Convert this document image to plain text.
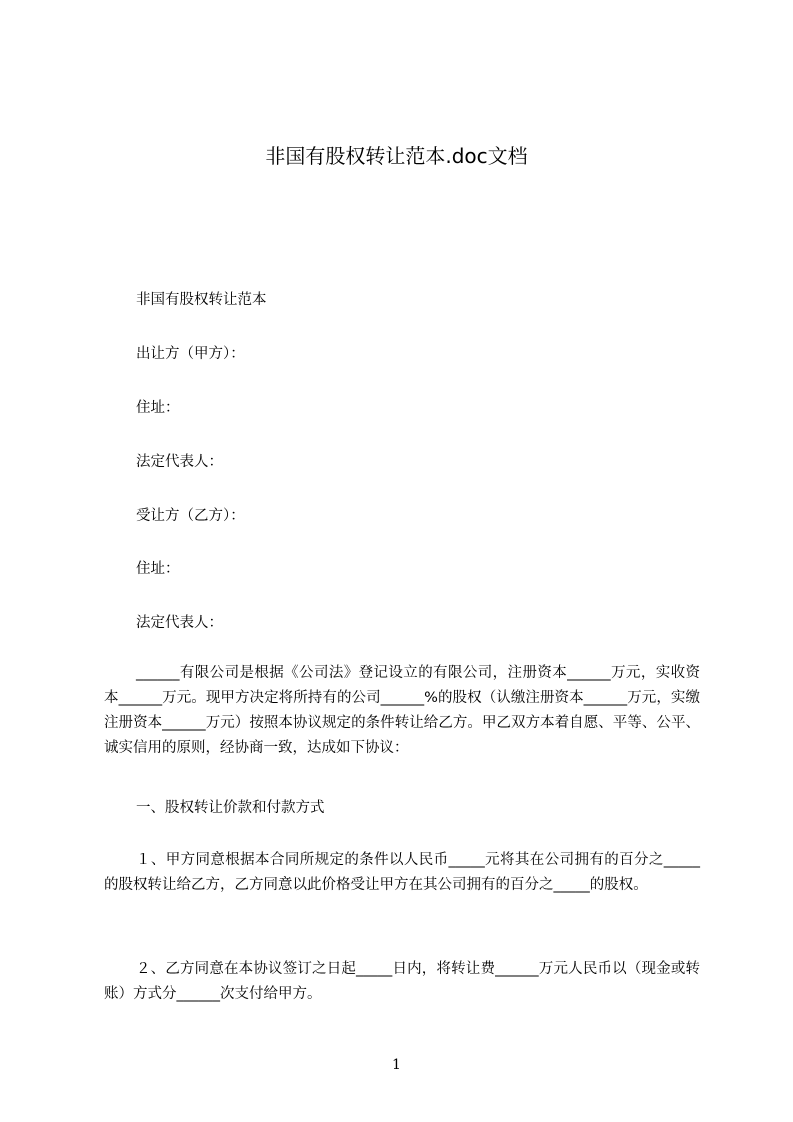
非国有股权转让范本.doc文档

非国有股权转让范本

出让方（甲方）：

住址：

法定代表人：

受让方（乙方）：

住址：

法定代表人：

______有限公司是根据《公司法》登记设立的有限公司，注册资本______万元，实收资本______万元。现甲方决定将所持有的公司______%的股权（认缴注册资本______万元，实缴注册资本______万元）按照本协议规定的条件转让给乙方。甲乙双方本着自愿、平等、公平、诚实信用的原则，经协商一致，达成如下协议：

一、股权转让价款和付款方式

１、甲方同意根据本合同所规定的条件以人民币_____元将其在公司拥有的百分之_____的股权转让给乙方，乙方同意以此价格受让甲方在其公司拥有的百分之_____的股权。

２、乙方同意在本协议签订之日起_____日内，将转让费______万元人民币以（现金或转账）方式分______次支付给甲方。

1
